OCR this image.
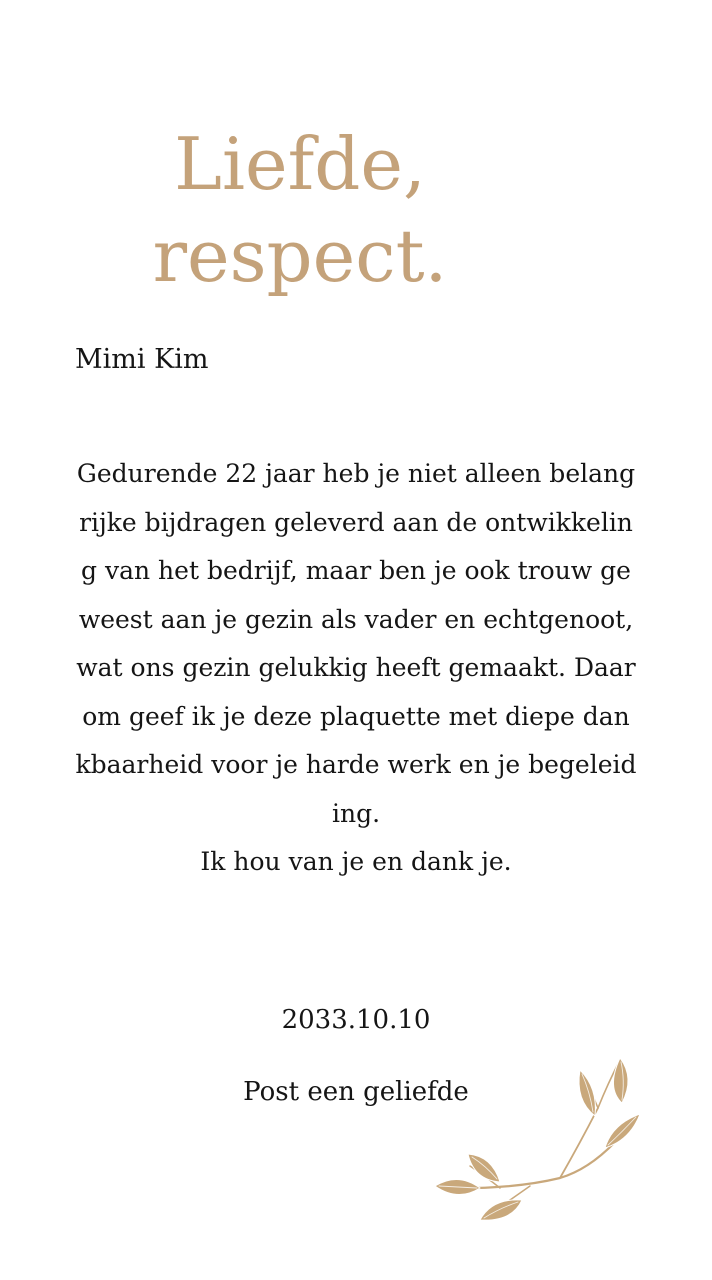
Liefde,
respect.
Mimi Kim
Gedurende 22 jaar heb je niet alleen belang
rijke bijdragen geleverd aan de ontwikkelin
g van het bedrijf, maar ben je ook trouw ge
weest aan je gezin als vader en echtgenoot,
wat ons gezin gelukkig heeft gemaakt. Daar
om geef ik je deze plaquette met diepe dan
kbaarheid voor je harde werk en je begeleid
ing.
Ik hou van je en dank je.
2033.10.10
Post een geliefde
